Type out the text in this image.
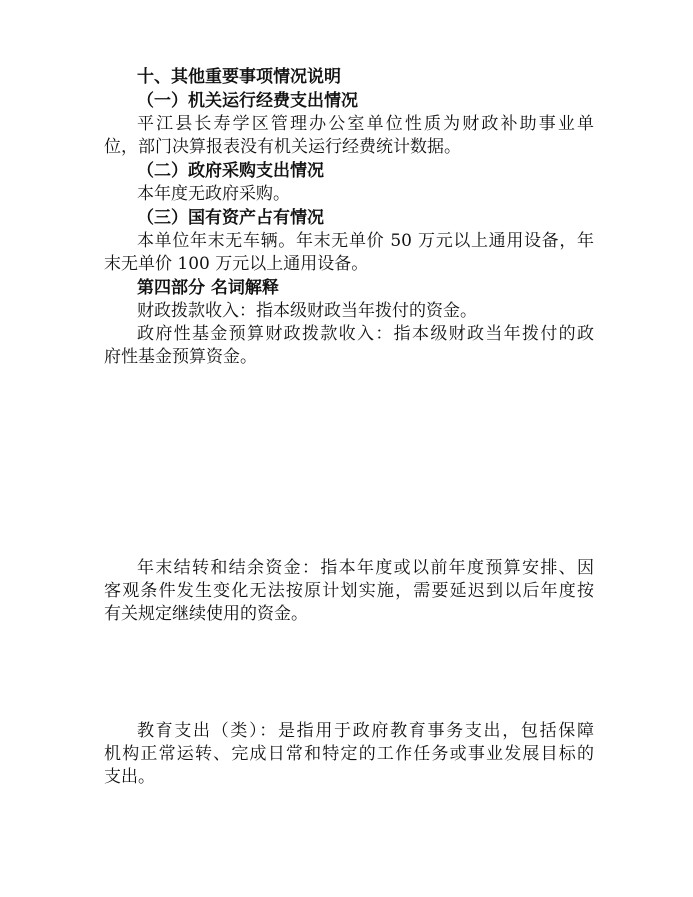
十、其他重要事项情况说明
（一）机关运行经费支出情况
平江县长寿学区管理办公室单位性质为财政补助事业单
位，部门决算报表没有机关运行经费统计数据。
（二）政府采购支出情况
本年度无政府采购。
（三）国有资产占有情况
本单位年末无车辆。年末无单价 50 万元以上通用设备，年
末无单价 100 万元以上通用设备。
第四部分 名词解释
财政拨款收入：指本级财政当年拨付的资金。
政府性基金预算财政拨款收入：指本级财政当年拨付的政
府性基金预算资金。
年末结转和结余资金：指本年度或以前年度预算安排、因
客观条件发生变化无法按原计划实施，需要延迟到以后年度按
有关规定继续使用的资金。
教育支出（类）：是指用于政府教育事务支出，包括保障
机构正常运转、完成日常和特定的工作任务或事业发展目标的
支出。
